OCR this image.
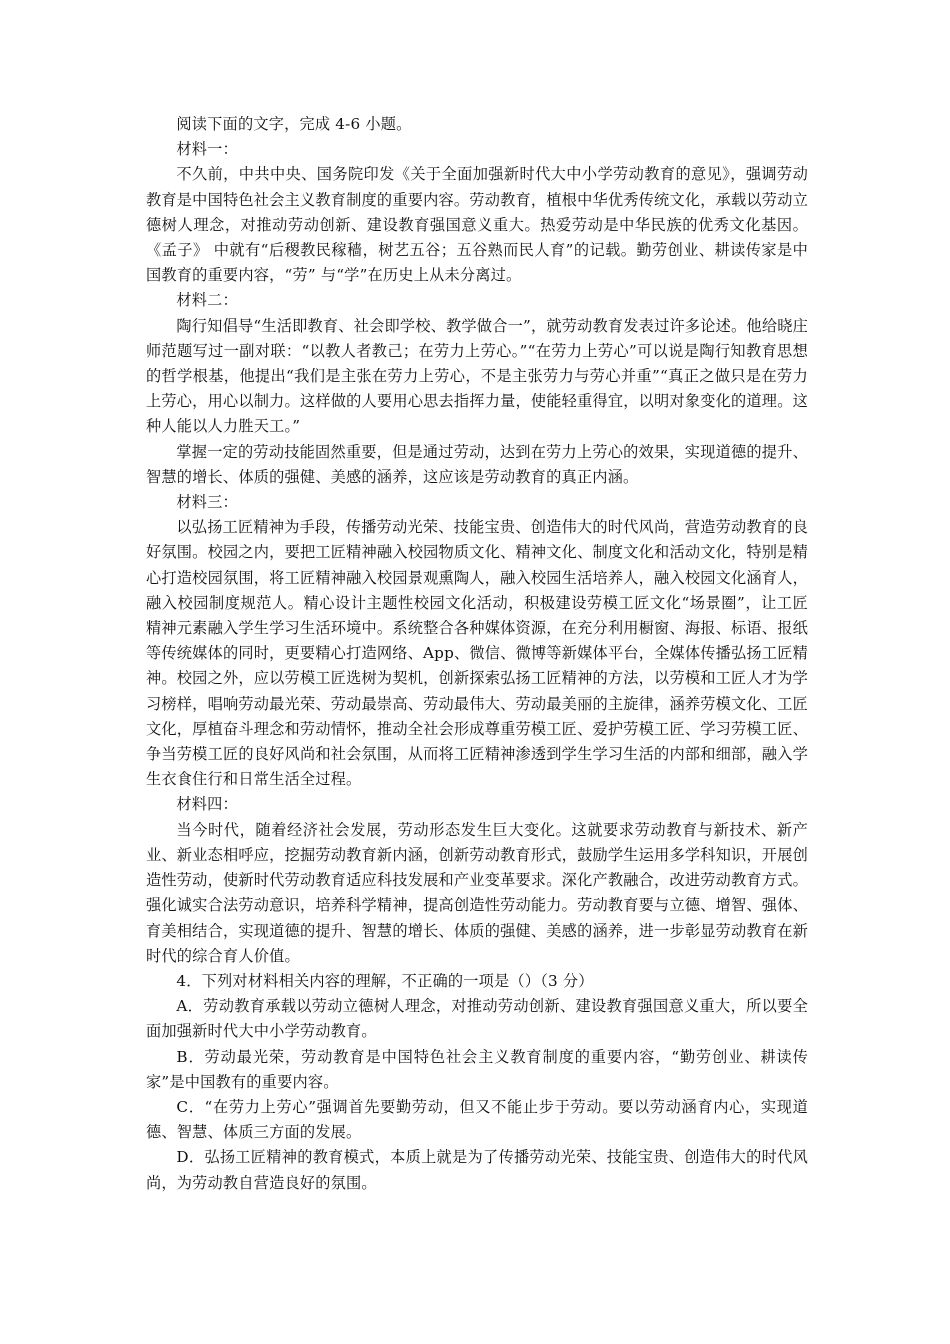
阅读下面的文字，完成 4-6 小题。

材料一：

不久前，中共中央、国务院印发《关于全面加强新时代大中小学劳动教育的意见》，强调劳动教育是中国特色社会主义教育制度的重要内容。劳动教育，植根中华优秀传统文化，承载以劳动立德树人理念，对推动劳动创新、建设教育强国意义重大。热爱劳动是中华民族的优秀文化基因。《孟子》 中就有“后稷教民稼穑，树艺五谷；五谷熟而民人育”的记载。勤劳创业、耕读传家是中国教育的重要内容，“劳” 与“学”在历史上从未分离过。

材料二：

陶行知倡导“生活即教育、社会即学校、教学做合一”，就劳动教育发表过许多论述。他给晓庄师范题写过一副对联：“以教人者教己；在劳力上劳心。”“在劳力上劳心”可以说是陶行知教育思想的哲学根基，他提出“我们是主张在劳力上劳心，不是主张劳力与劳心并重”“真正之做只是在劳力上劳心，用心以制力。这样做的人要用心思去指挥力量，使能轻重得宜，以明对象变化的道理。这种人能以人力胜天工。”

掌握一定的劳动技能固然重要，但是通过劳动，达到在劳力上劳心的效果，实现道德的提升、智慧的增长、体质的强健、美感的涵养，这应该是劳动教育的真正内涵。

材料三：

以弘扬工匠精神为手段，传播劳动光荣、技能宝贵、创造伟大的时代风尚，营造劳动教育的良好氛围。校园之内，要把工匠精神融入校园物质文化、精神文化、制度文化和活动文化，特别是精心打造校园氛围，将工匠精神融入校园景观熏陶人，融入校园生活培养人，融入校园文化涵育人，融入校园制度规范人。精心设计主题性校园文化活动，积极建设劳模工匠文化“场景圈”，让工匠精神元素融入学生学习生活环境中。系统整合各种媒体资源，在充分利用橱窗、海报、标语、报纸等传统媒体的同时，更要精心打造网络、App、微信、微博等新媒体平台，全媒体传播弘扬工匠精神。校园之外，应以劳模工匠选树为契机，创新探索弘扬工匠精神的方法，以劳模和工匠人才为学习榜样，唱响劳动最光荣、劳动最崇高、劳动最伟大、劳动最美丽的主旋律，涵养劳模文化、工匠文化，厚植奋斗理念和劳动情怀，推动全社会形成尊重劳模工匠、爱护劳模工匠、学习劳模工匠、争当劳模工匠的良好风尚和社会氛围，从而将工匠精神渗透到学生学习生活的内部和细部，融入学生衣食住行和日常生活全过程。

材料四：

当今时代，随着经济社会发展，劳动形态发生巨大变化。这就要求劳动教育与新技术、新产业、新业态相呼应，挖掘劳动教育新内涵，创新劳动教育形式，鼓励学生运用多学科知识，开展创造性劳动，使新时代劳动教育适应科技发展和产业变革要求。深化产教融合，改进劳动教育方式。强化诚实合法劳动意识，培养科学精神，提高创造性劳动能力。劳动教育要与立德、增智、强体、育美相结合，实现道德的提升、智慧的增长、体质的强健、美感的涵养，进一步彰显劳动教育在新时代的综合育人价值。

4．下列对材料相关内容的理解，不正确的一项是（）（3 分）

A．劳动教育承载以劳动立德树人理念，对推动劳动创新、建设教育强国意义重大，所以要全面加强新时代大中小学劳动教育。

B．劳动最光荣，劳动教育是中国特色社会主义教育制度的重要内容，“勤劳创业、耕读传家”是中国教有的重要内容。

C．“在劳力上劳心”强调首先要勤劳动，但又不能止步于劳动。要以劳动涵育内心，实现道德、智慧、体质三方面的发展。

D．弘扬工匠精神的教育模式，本质上就是为了传播劳动光荣、技能宝贵、创造伟大的时代风尚，为劳动教自营造良好的氛围。
